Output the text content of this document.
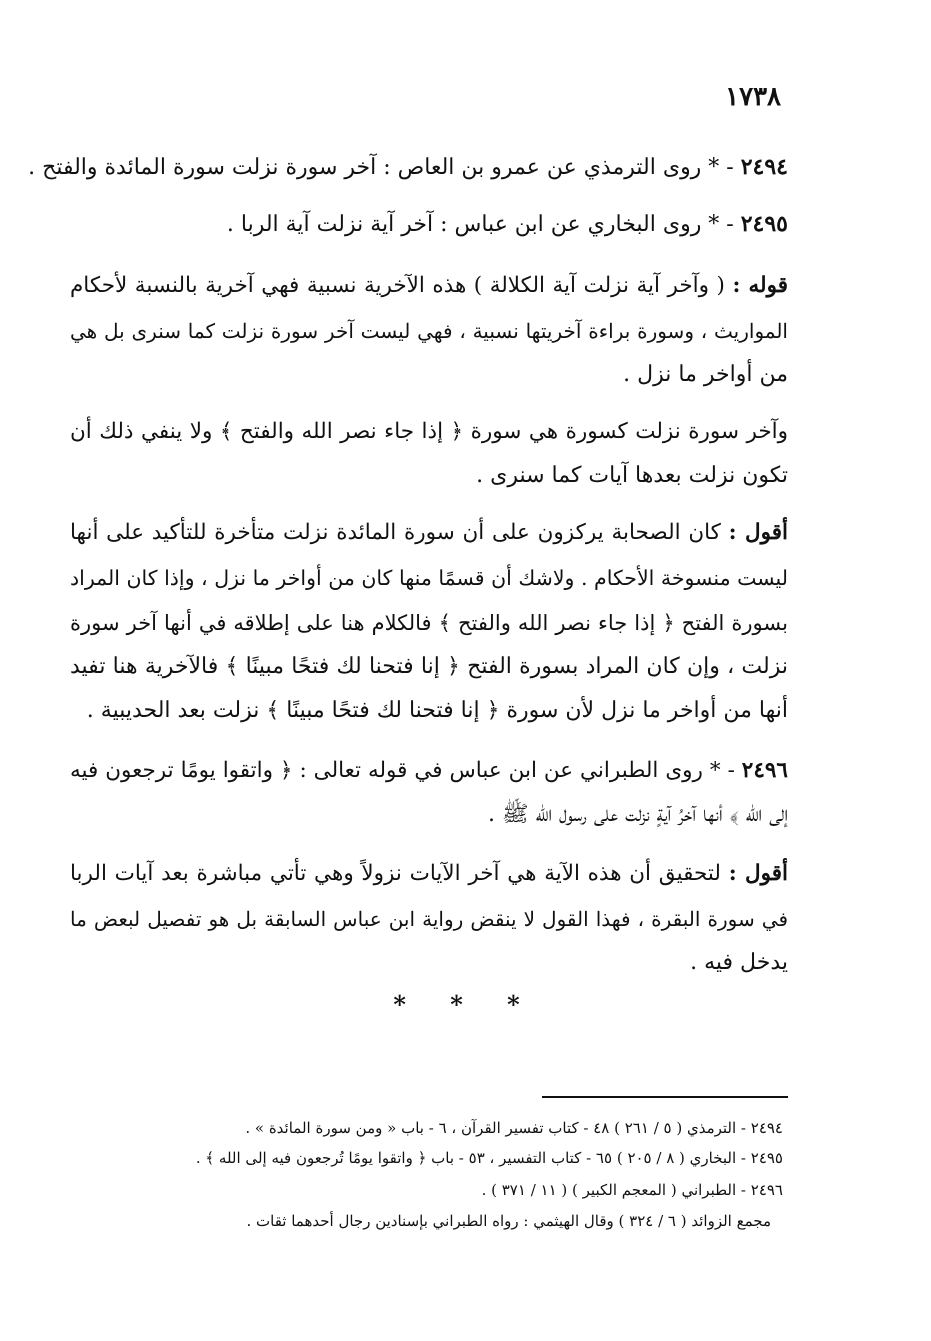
١٧٣٨
٢٤٩٤ - * روى الترمذي عن عمرو بن العاص : آخر سورة نزلت سورة المائدة والفتح .
٢٤٩٥ - * روى البخاري عن ابن عباس : آخر آية نزلت آية الربا .
قوله : ( وآخر آية نزلت آية الكلالة ) هذه الآخرية نسبية فهي آخرية بالنسبة لأحكام
المواريث ، وسورة براءة آخريتها نسبية ، فهي ليست آخر سورة نزلت كما سنرى بل هي
من أواخر ما نزل .
وآخر سورة نزلت كسورة هي سورة ﴿ إذا جاء نصر الله والفتح ﴾ ولا ينفي ذلك أن
تكون نزلت بعدها آيات كما سنرى .
أقول : كان الصحابة يركزون على أن سورة المائدة نزلت متأخرة للتأكيد على أنها
ليست منسوخة الأحكام . ولاشك أن قسمًا منها كان من أواخر ما نزل ، وإذا كان المراد
بسورة الفتح ﴿ إذا جاء نصر الله والفتح ﴾ فالكلام هنا على إطلاقه في أنها آخر سورة
نزلت ، وإن كان المراد بسورة الفتح ﴿ إنا فتحنا لك فتحًا مبينًا ﴾ فالآخرية هنا تفيد
أنها من أواخر ما نزل لأن سورة ﴿ إنا فتحنا لك فتحًا مبينًا ﴾ نزلت بعد الحديبية .
٢٤٩٦ - * روى الطبراني عن ابن عباس في قوله تعالى : ﴿ واتقوا يومًا ترجعون فيه
إلى الله ﴾ أنها آخرُ آيةٍ نزلت على رسول الله ﷺ .
أقول : لتحقيق أن هذه الآية هي آخر الآيات نزولاً وهي تأتي مباشرة بعد آيات الربا
في سورة البقرة ، فهذا القول لا ينقض رواية ابن عباس السابقة بل هو تفصيل لبعض ما
يدخل فيه .
* * *
٢٤٩٤ - الترمذي ( ٥ / ٢٦١ ) ٤٨ - كتاب تفسير القرآن ، ٦ - باب « ومن سورة المائدة » .
٢٤٩٥ - البخاري ( ٨ / ٢٠٥ ) ٦٥ - كتاب التفسير ، ٥٣ - باب ﴿ واتقوا يومًا تُرجعون فيه إلى الله ﴾ .
٢٤٩٦ - الطبراني ( المعجم الكبير ) ( ١١ / ٣٧١ ) .
مجمع الزوائد ( ٦ / ٣٢٤ ) وقال الهيثمي : رواه الطبراني بإسنادين رجال أحدهما ثقات .
